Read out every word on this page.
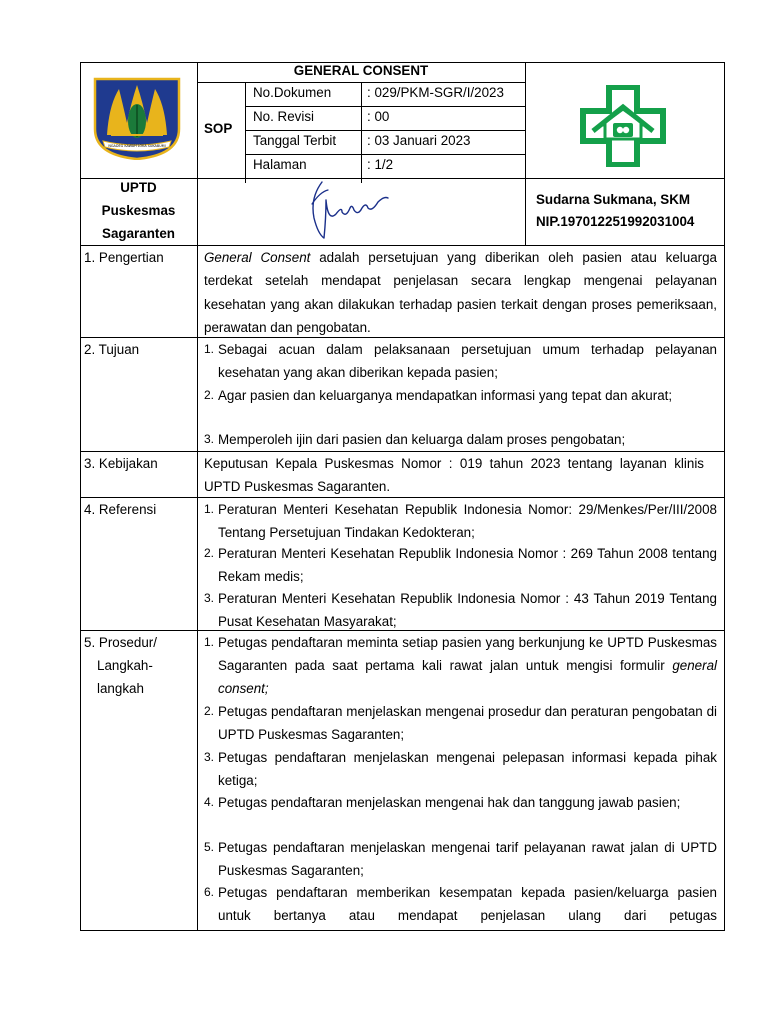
NGADEG KAWAH LOKA SUKABUMI
GENERAL CONSENT
SOP
No.Dokumen	: 029/PKM-SGR/I/2023
No. Revisi	: 00
Tanggal Terbit : 03 Januari 2023
Halaman	: 1/2
UPTD
Puskesmas
Sagaranten
Sudarna Sukmana, SKM
NIP.197012251992031004
1. Pengertian	General Consent adalah persetujuan yang diberikan oleh pasien atau keluarga terdekat setelah mendapat penjelasan secara lengkap mengenai pelayanan kesehatan yang akan dilakukan terhadap pasien terkait dengan proses pemeriksaan, perawatan dan pengobatan.
2. Tujuan	1. Sebagai acuan dalam pelaksanaan persetujuan umum terhadap pelayanan kesehatan yang akan diberikan kepada pasien;
2. Agar pasien dan keluarganya mendapatkan informasi yang tepat dan akurat;
3. Memperoleh ijin dari pasien dan keluarga dalam proses pengobatan;
3. Kebijakan	Keputusan Kepala Puskesmas Nomor : 019 tahun 2023 tentang layanan klinis UPTD Puskesmas Sagaranten.
4. Referensi	1. Peraturan Menteri Kesehatan Republik Indonesia Nomor: 29/Menkes/Per/III/2008 Tentang Persetujuan Tindakan Kedokteran;
2. Peraturan Menteri Kesehatan Republik Indonesia Nomor : 269 Tahun 2008 tentang Rekam medis;
3. Peraturan Menteri Kesehatan Republik Indonesia Nomor : 43 Tahun 2019 Tentang Pusat Kesehatan Masyarakat;
5. Prosedur/
Langkah-
langkah
1. Petugas pendaftaran meminta setiap pasien yang berkunjung ke UPTD Puskesmas Sagaranten pada saat pertama kali rawat jalan untuk mengisi formulir general consent;
2. Petugas pendaftaran menjelaskan mengenai prosedur dan peraturan pengobatan di UPTD Puskesmas Sagaranten;
3. Petugas pendaftaran menjelaskan mengenai pelepasan informasi kepada pihak ketiga;
4. Petugas pendaftaran menjelaskan mengenai hak dan tanggung jawab pasien;
5. Petugas pendaftaran menjelaskan mengenai tarif pelayanan rawat jalan di UPTD Puskesmas Sagaranten;
6. Petugas pendaftaran memberikan kesempatan kepada pasien/keluarga pasien untuk bertanya atau mendapat penjelasan ulang dari petugas
